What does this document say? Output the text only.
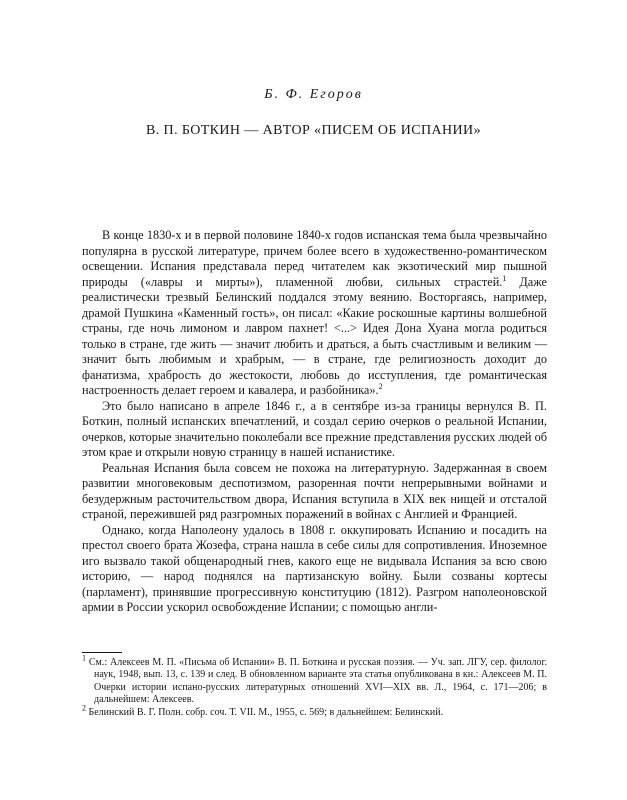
Б. Ф. Егоров
В. П. БОТКИН — АВТОР «ПИСЕМ ОБ ИСПАНИИ»

В конце 1830-х и в первой половине 1840-х годов испанская тема была чрезвычайно популярна в русской литературе, причем более всего в художественно-романтическом освещении. Испания представала перед читателем как экзотический мир пышной природы («лавры и мирты»), пламенной любви, сильных страстей.$^1$ Даже реалистически трезвый Белинский поддался этому веянию. Восторгаясь, например, драмой Пушкина «Каменный гость», он писал: «Какие роскошные картины волшебной страны, где ночь лимоном и лавром пахнет! <...> Идея Дона Хуана могла родиться только в стране, где жить — значит любить и драться, а быть счастливым и великим — значит быть любимым и храбрым, — в стране, где религиозность доходит до фанатизма, храбрость до жестокости, любовь до исступления, где романтическая настроенность делает героем и кавалера, и разбойника».$^2$

Это было написано в апреле 1846 г., а в сентябре из-за границы вернулся В. П. Боткин, полный испанских впечатлений, и создал серию очерков о реальной Испании, очерков, которые значительно поколебали все прежние представления русских людей об этом крае и открыли новую страницу в нашей испанистике.

Реальная Испания была совсем не похожа на литературную. Задержанная в своем развитии многовековым деспотизмом, разоренная почти непрерывными войнами и безудержным расточительством двора, Испания вступила в XIX век нищей и отсталой страной, пережившей ряд разгромных поражений в войнах с Англией и Францией.

Однако, когда Наполеону удалось в 1808 г. оккупировать Испанию и посадить на престол своего брата Жозефа, страна нашла в себе силы для сопротивления. Иноземное иго вызвало такой общенародный гнев, какого еще не видывала Испания за всю свою историю, — народ поднялся на партизанскую войну. Были созваны кортесы (парламент), принявшие прогрессивную конституцию (1812). Разгром наполеоновской армии в России ускорил освобождение Испании; с помощью англи-

$^1$ См.: Алексеев М. П. «Письма об Испании» В. П. Боткина и русская поэзия. — Уч. зап. ЛГУ, сер. филолог. наук, 1948, вып. 13, с. 139 и след. В обновленном варианте эта статья опубликована в кн.: Алексеев М. П. Очерки истории испано-русских литературных отношений XVI—XIX вв. Л., 1964, с. 171—206; в дальнейшем: Алексеев.

$^2$ Белинский В. Г. Полн. собр. соч. Т. VII. М., 1955, с. 569; в дальнейшем: Белинский.
